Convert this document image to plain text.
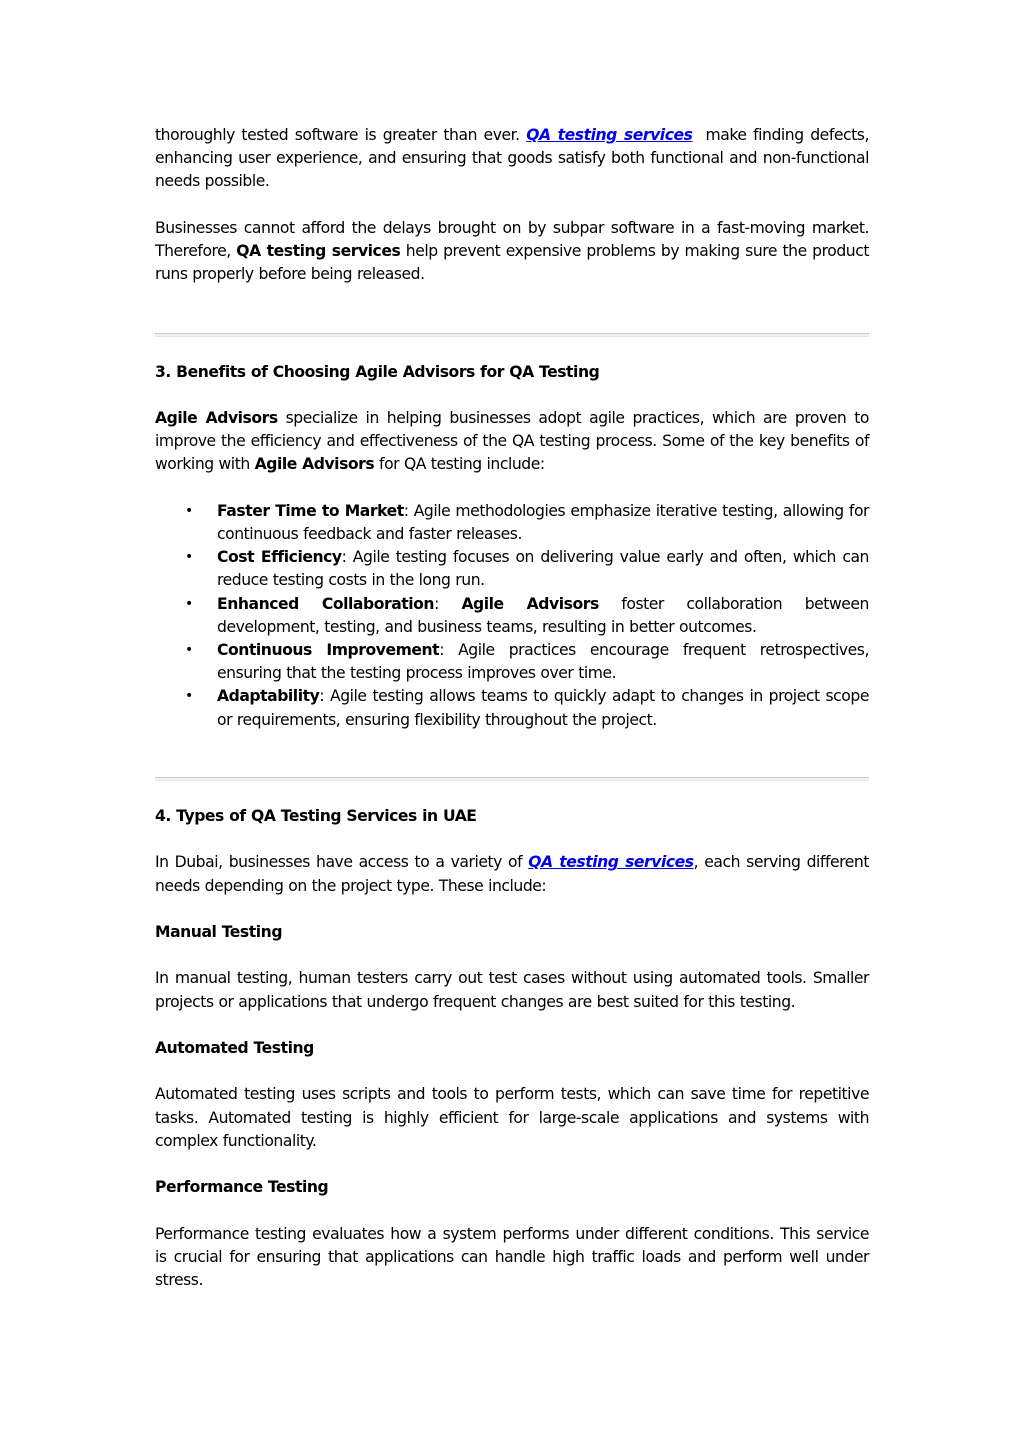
thoroughly tested software is greater than ever. QA testing services  make finding defects, enhancing user experience, and ensuring that goods satisfy both functional and non-functional needs possible.

Businesses cannot afford the delays brought on by subpar software in a fast-moving market. Therefore, QA testing services help prevent expensive problems by making sure the product runs properly before being released.

3. Benefits of Choosing Agile Advisors for QA Testing

Agile Advisors specialize in helping businesses adopt agile practices, which are proven to improve the efficiency and effectiveness of the QA testing process. Some of the key benefits of working with Agile Advisors for QA testing include:

• Faster Time to Market: Agile methodologies emphasize iterative testing, allowing for continuous feedback and faster releases.
• Cost Efficiency: Agile testing focuses on delivering value early and often, which can reduce testing costs in the long run.
• Enhanced Collaboration: Agile Advisors foster collaboration between development, testing, and business teams, resulting in better outcomes.
• Continuous Improvement: Agile practices encourage frequent retrospectives, ensuring that the testing process improves over time.
• Adaptability: Agile testing allows teams to quickly adapt to changes in project scope or requirements, ensuring flexibility throughout the project.
4. Types of QA Testing Services in UAE

In Dubai, businesses have access to a variety of QA testing services, each serving different needs depending on the project type. These include:

Manual Testing

In manual testing, human testers carry out test cases without using automated tools. Smaller projects or applications that undergo frequent changes are best suited for this testing.

Automated Testing

Automated testing uses scripts and tools to perform tests, which can save time for repetitive tasks. Automated testing is highly efficient for large-scale applications and systems with complex functionality.

Performance Testing

Performance testing evaluates how a system performs under different conditions. This service is crucial for ensuring that applications can handle high traffic loads and perform well under stress.
